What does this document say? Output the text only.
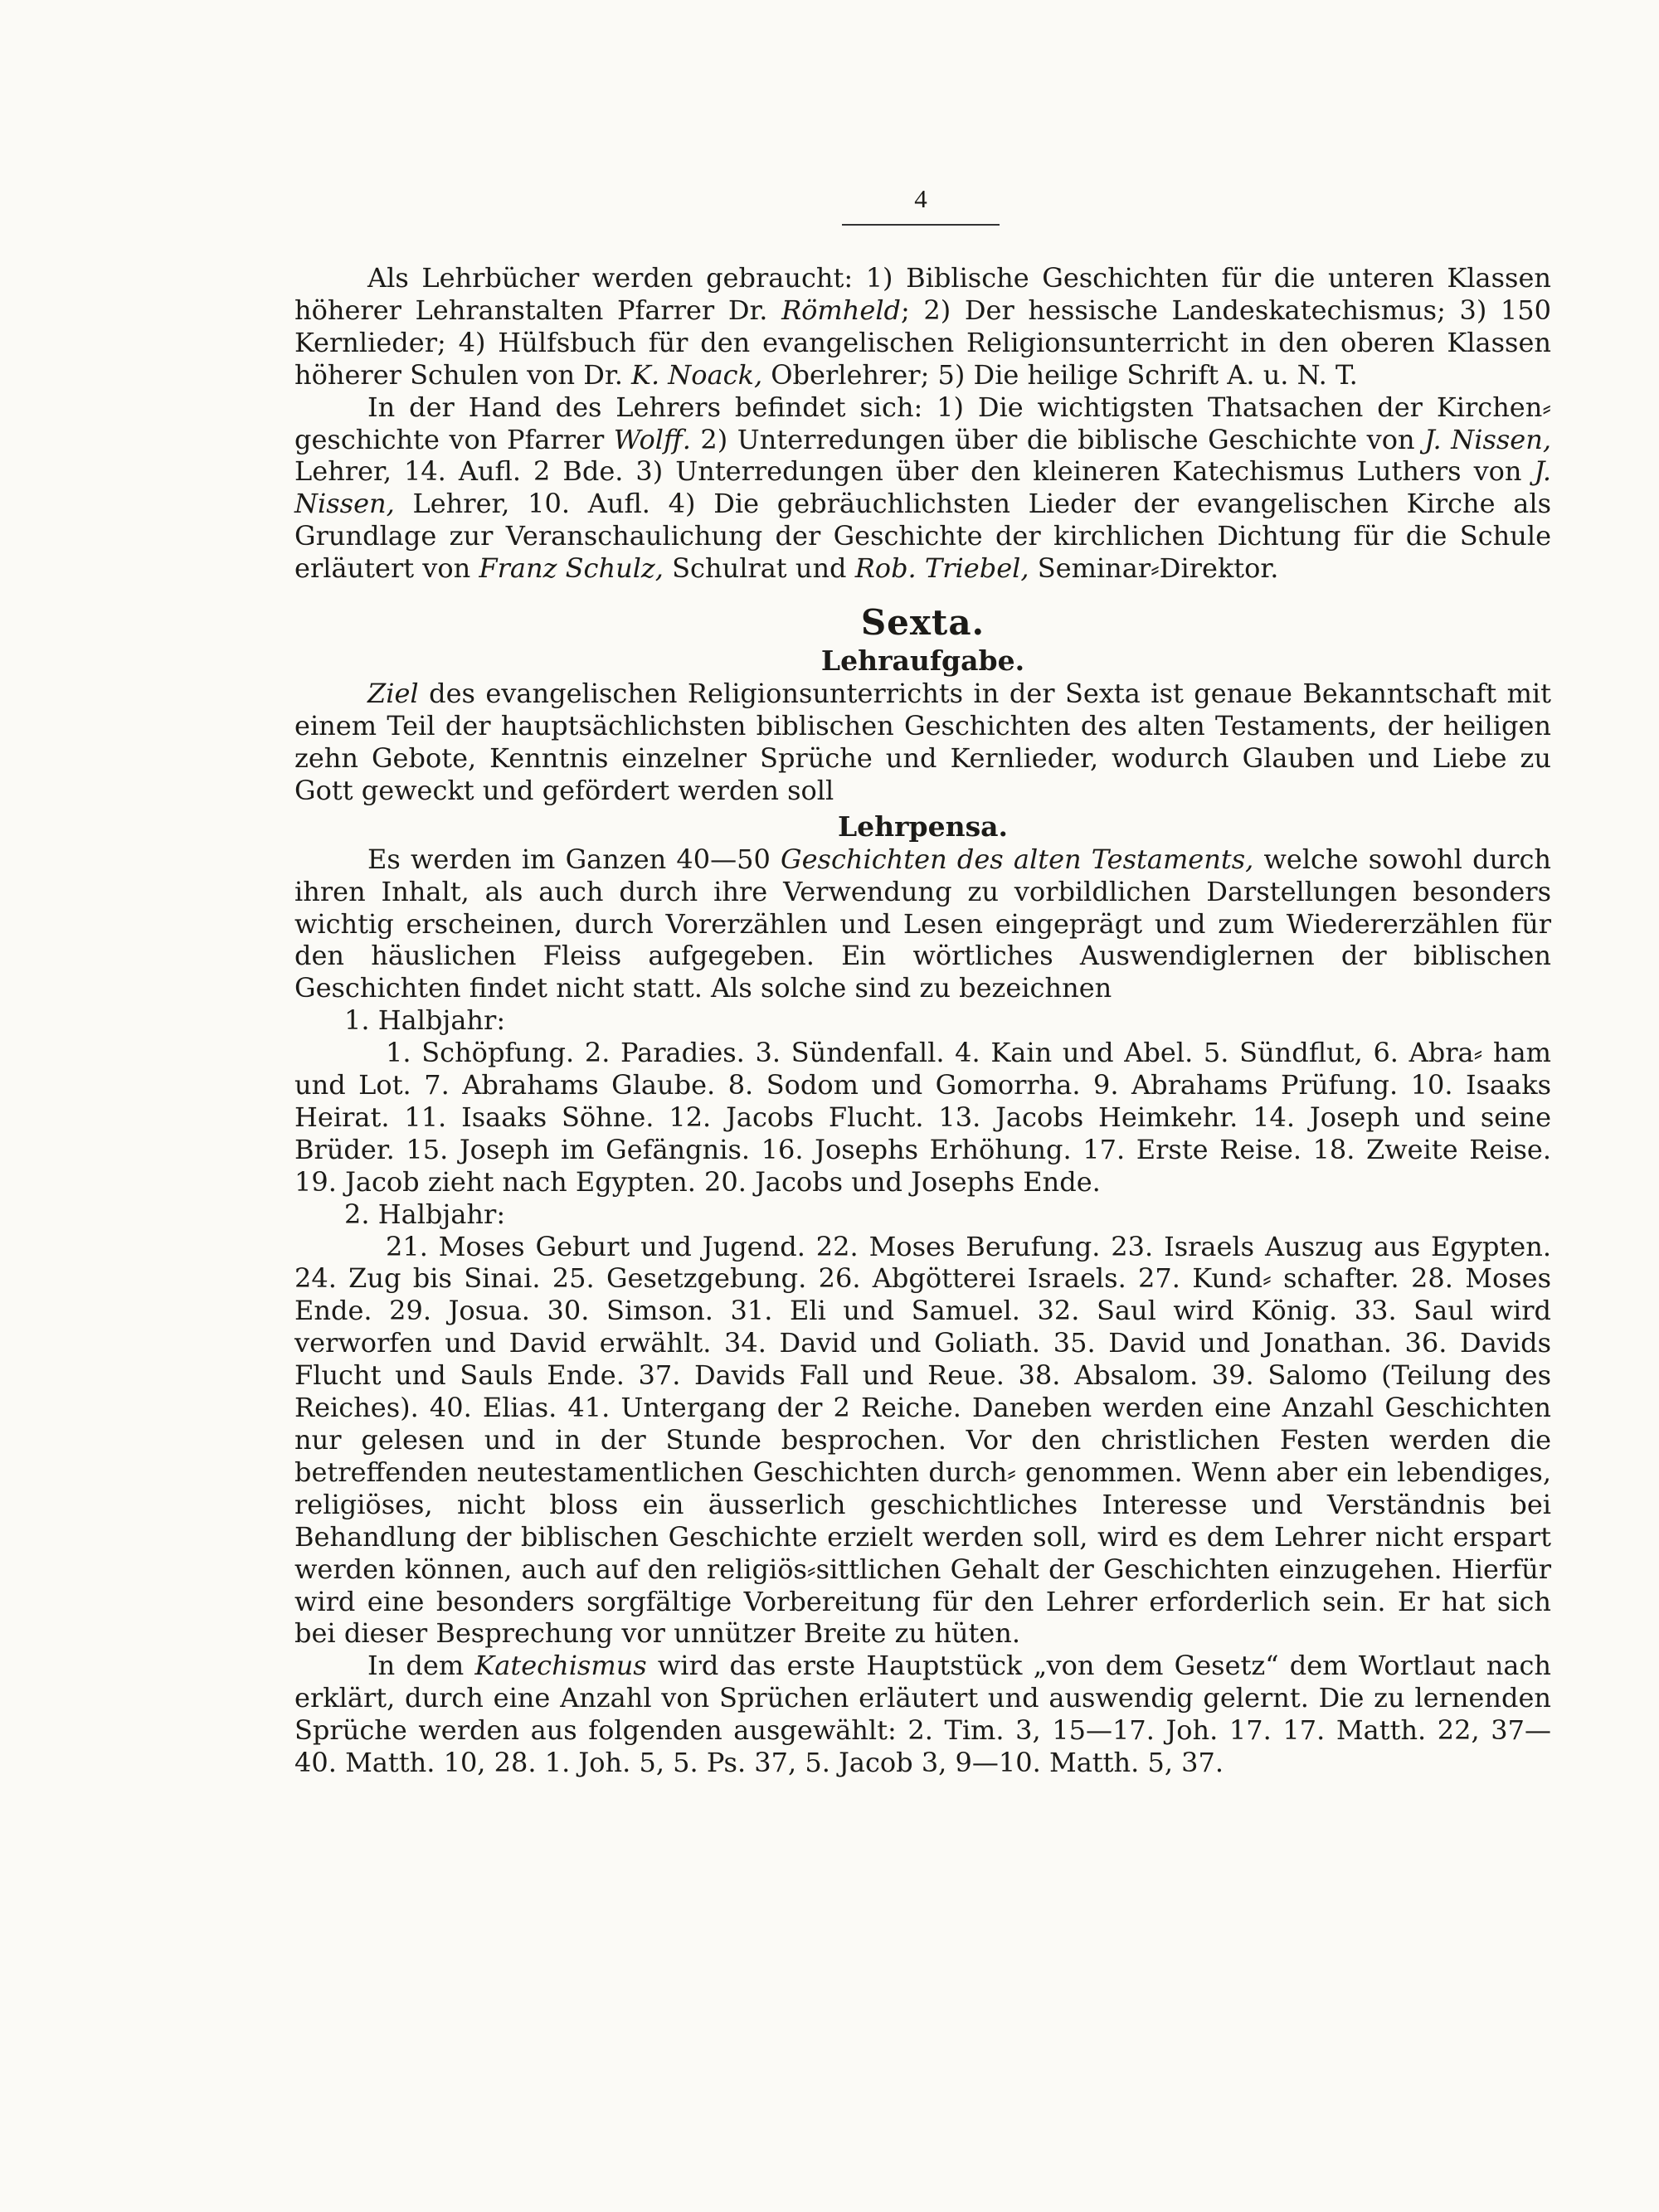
4

Als Lehrbücher werden gebraucht: 1) Biblische Geschichten für die unteren Klassen höherer Lehranstalten Pfarrer Dr. Römheld; 2) Der hessische Landeskatechismus; 3) 150 Kernlieder; 4) Hülfsbuch für den evangelischen Religionsunterricht in den oberen Klassen höherer Schulen von Dr. K. Noack, Oberlehrer; 5) Die heilige Schrift A. u. N. T.

In der Hand des Lehrers befindet sich: 1) Die wichtigsten Thatsachen der Kirchen⸗ geschichte von Pfarrer Wolff. 2) Unterredungen über die biblische Geschichte von J. Nissen, Lehrer, 14. Aufl. 2 Bde. 3) Unterredungen über den kleineren Katechismus Luthers von J. Nissen, Lehrer, 10. Aufl. 4) Die gebräuchlichsten Lieder der evangelischen Kirche als Grundlage zur Veranschaulichung der Geschichte der kirchlichen Dichtung für die Schule erläutert von Franz Schulz, Schulrat und Rob. Triebel, Seminar⸗Direktor.

Sexta.
Lehraufgabe.

Ziel des evangelischen Religionsunterrichts in der Sexta ist genaue Bekanntschaft mit einem Teil der hauptsächlichsten biblischen Geschichten des alten Testaments, der heiligen zehn Gebote, Kenntnis einzelner Sprüche und Kernlieder, wodurch Glauben und Liebe zu Gott geweckt und gefördert werden soll

Lehrpensa.

Es werden im Ganzen 40—50 Geschichten des alten Testaments, welche sowohl durch ihren Inhalt, als auch durch ihre Verwendung zu vorbildlichen Darstellungen besonders wichtig erscheinen, durch Vorerzählen und Lesen eingeprägt und zum Wiedererzählen für den häuslichen Fleiss aufgegeben. Ein wörtliches Auswendiglernen der biblischen Geschichten findet nicht statt. Als solche sind zu bezeichnen

1. Halbjahr:

1. Schöpfung. 2. Paradies. 3. Sündenfall. 4. Kain und Abel. 5. Sündflut, 6. Abra⸗ ham und Lot. 7. Abrahams Glaube. 8. Sodom und Gomorrha. 9. Abrahams Prüfung. 10. Isaaks Heirat. 11. Isaaks Söhne. 12. Jacobs Flucht. 13. Jacobs Heimkehr. 14. Joseph und seine Brüder. 15. Joseph im Gefängnis. 16. Josephs Erhöhung. 17. Erste Reise. 18. Zweite Reise. 19. Jacob zieht nach Egypten. 20. Jacobs und Josephs Ende.

2. Halbjahr:

21. Moses Geburt und Jugend. 22. Moses Berufung. 23. Israels Auszug aus Egypten. 24. Zug bis Sinai. 25. Gesetzgebung. 26. Abgötterei Israels. 27. Kund⸗ schafter. 28. Moses Ende. 29. Josua. 30. Simson. 31. Eli und Samuel. 32. Saul wird König. 33. Saul wird verworfen und David erwählt. 34. David und Goliath. 35. David und Jonathan. 36. Davids Flucht und Sauls Ende. 37. Davids Fall und Reue. 38. Absalom. 39. Salomo (Teilung des Reiches). 40. Elias. 41. Untergang der 2 Reiche. Daneben werden eine Anzahl Geschichten nur gelesen und in der Stunde besprochen. Vor den christlichen Festen werden die betreffenden neutestamentlichen Geschichten durch⸗ genommen. Wenn aber ein lebendiges, religiöses, nicht bloss ein äusserlich geschichtliches Interesse und Verständnis bei Behandlung der biblischen Geschichte erzielt werden soll, wird es dem Lehrer nicht erspart werden können, auch auf den religiös⸗sittlichen Gehalt der Geschichten einzugehen. Hierfür wird eine besonders sorgfältige Vorbereitung für den Lehrer erforderlich sein. Er hat sich bei dieser Besprechung vor unnützer Breite zu hüten.

In dem Katechismus wird das erste Hauptstück „von dem Gesetz“ dem Wortlaut nach erklärt, durch eine Anzahl von Sprüchen erläutert und auswendig gelernt. Die zu lernenden Sprüche werden aus folgenden ausgewählt: 2. Tim. 3, 15—17. Joh. 17. 17. Matth. 22, 37—40. Matth. 10, 28. 1. Joh. 5, 5. Ps. 37, 5. Jacob 3, 9—10. Matth. 5, 37.
